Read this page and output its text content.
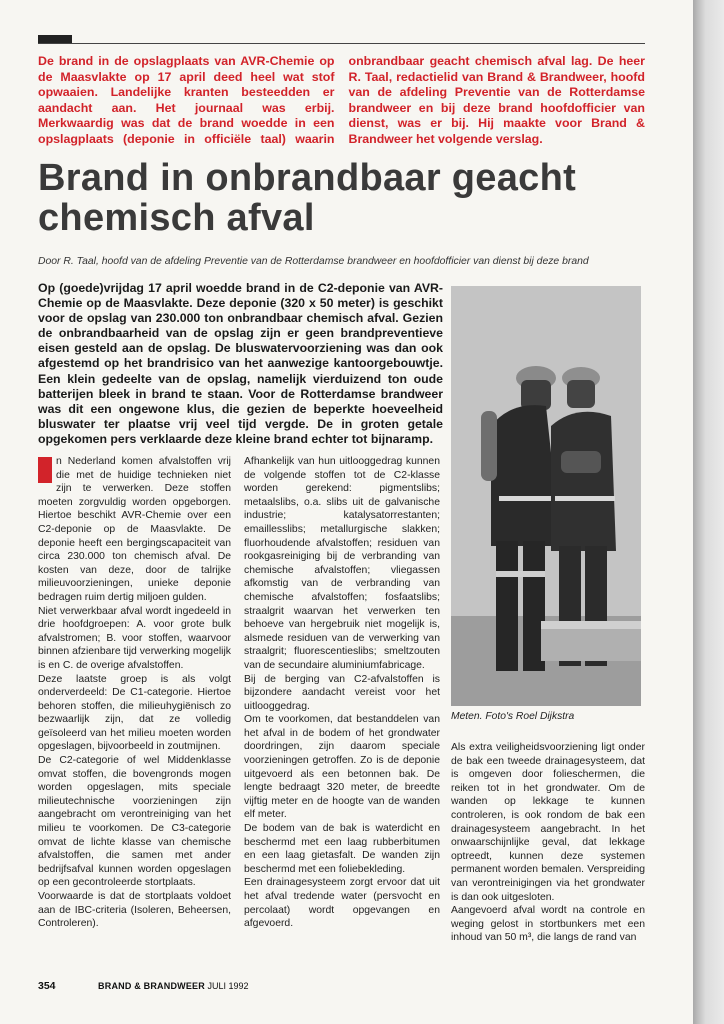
De brand in de opslagplaats van AVR-Chemie op de Maasvlakte op 17 april deed heel wat stof opwaaien. Landelijke kranten besteedden er aandacht aan. Het journaal was erbij. Merkwaardig was dat de brand woedde in een opslagplaats (deponie in officiële taal) waarin onbrandbaar geacht chemisch afval lag. De heer R. Taal, redactielid van Brand & Brandweer, hoofd van de afdeling Preventie van de Rotterdamse brandweer en bij deze brand hoofdofficier van dienst, was er bij. Hij maakte voor Brand & Brandweer het volgende verslag.
Brand in onbrandbaar geacht chemisch afval
Door R. Taal, hoofd van de afdeling Preventie van de Rotterdamse brandweer en hoofdofficier van dienst bij deze brand
Op (goede)vrijdag 17 april woedde brand in de C2-deponie van AVR-Chemie op de Maasvlakte. Deze deponie (320 x 50 meter) is geschikt voor de opslag van 230.000 ton onbrandbaar chemisch afval. Gezien de onbrandbaarheid van de opslag zijn er geen brandpreventieve eisen gesteld aan de opslag. De bluswatervoorziening was dan ook afgestemd op het brandrisico van het aanwezige kantoorgebouwtje. Een klein gedeelte van de opslag, namelijk vierduizend ton oude batterijen bleek in brand te staan. Voor de Rotterdamse brandweer was dit een ongewone klus, die gezien de beperkte hoeveelheid bluswater ter plaatse vrij veel tijd vergde. De in groten getale opgekomen pers verklaarde deze kleine brand echter tot bijnaramp.
Meten. Foto's Roel Dijkstra

n Nederland komen afvalstoffen vrij die met de huidige technieken niet zijn te verwerken. Deze stoffen moeten zorgvuldig worden opgeborgen. Hiertoe beschikt AVR-Chemie over een C2-deponie op de Maasvlakte. De deponie heeft een bergingscapaciteit van circa 230.000 ton chemisch afval. De kosten van deze, door de talrijke milieuvoorzieningen, unieke deponie bedragen ruim dertig miljoen gulden.

Niet verwerkbaar afval wordt ingedeeld in drie hoofdgroepen: A. voor grote bulk afvalstromen; B. voor stoffen, waarvoor binnen afzienbare tijd verwerking mogelijk is en C. de overige afvalstoffen.

Deze laatste groep is als volgt onderverdeeld: De C1-categorie. Hiertoe behoren stoffen, die milieuhygiënisch zo bezwaarlijk zijn, dat ze volledig geïsoleerd van het milieu moeten worden opgeslagen, bijvoorbeeld in zoutmijnen.

De C2-categorie of wel Middenklasse omvat stoffen, die bovengronds mogen worden opgeslagen, mits speciale milieutechnische voorzieningen zijn aangebracht om verontreiniging van het milieu te voorkomen. De C3-categorie omvat de lichte klasse van chemische afvalstoffen, die samen met ander bedrijfsafval kunnen worden opgeslagen op een gecontroleerde stortplaats.

Voorwaarde is dat de stortplaats voldoet aan de IBC-criteria (Isoleren, Beheersen, Controleren).

Afhankelijk van hun uitlooggedrag kunnen de volgende stoffen tot de C2-klasse worden gerekend: pigmentslibs; metaalslibs, o.a. slibs uit de galvanische industrie; katalysatorrestanten; emaillesslibs; metallurgische slakken; fluorhoudende afvalstoffen; residuen van rookgasreiniging bij de verbranding van chemische afvalstoffen; vliegassen afkomstig van de verbranding van chemische afvalstoffen; fosfaatslibs; straalgrit waarvan het verwerken ten behoeve van hergebruik niet mogelijk is, alsmede residuen van de verwerking van straalgrit; fluorescentieslibs; smeltzouten van de secundaire aluminiumfabricage.

Bij de berging van C2-afvalstoffen is bijzondere aandacht vereist voor het uitlooggedrag.

Om te voorkomen, dat bestanddelen van het afval in de bodem of het grondwater doordringen, zijn daarom speciale voorzieningen getroffen. Zo is de deponie uitgevoerd als een betonnen bak. De lengte bedraagt 320 meter, de breedte vijftig meter en de hoogte van de wanden elf meter.

De bodem van de bak is waterdicht en beschermd met een laag rubberbitumen en een laag gietasfalt. De wanden zijn beschermd met een foliebekleding.

Een drainagesysteem zorgt ervoor dat uit het afval tredende water (persvocht en percolaat) wordt opgevangen en afgevoerd.

Als extra veiligheidsvoorziening ligt onder de bak een tweede drainagesysteem, dat is omgeven door folieschermen, die reiken tot in het grondwater. Om de wanden op lekkage te kunnen controleren, is ook rondom de bak een drainagesysteem aangebracht. In het onwaarschijnlijke geval, dat lekkage optreedt, kunnen deze systemen permanent worden bemalen. Verspreiding van verontreinigingen via het grondwater is dan ook uitgesloten.

Aangevoerd afval wordt na controle en weging gelost in stortbunkers met een inhoud van 50 m³, die langs de rand van

354	BRAND & BRANDWEER JULI 1992
